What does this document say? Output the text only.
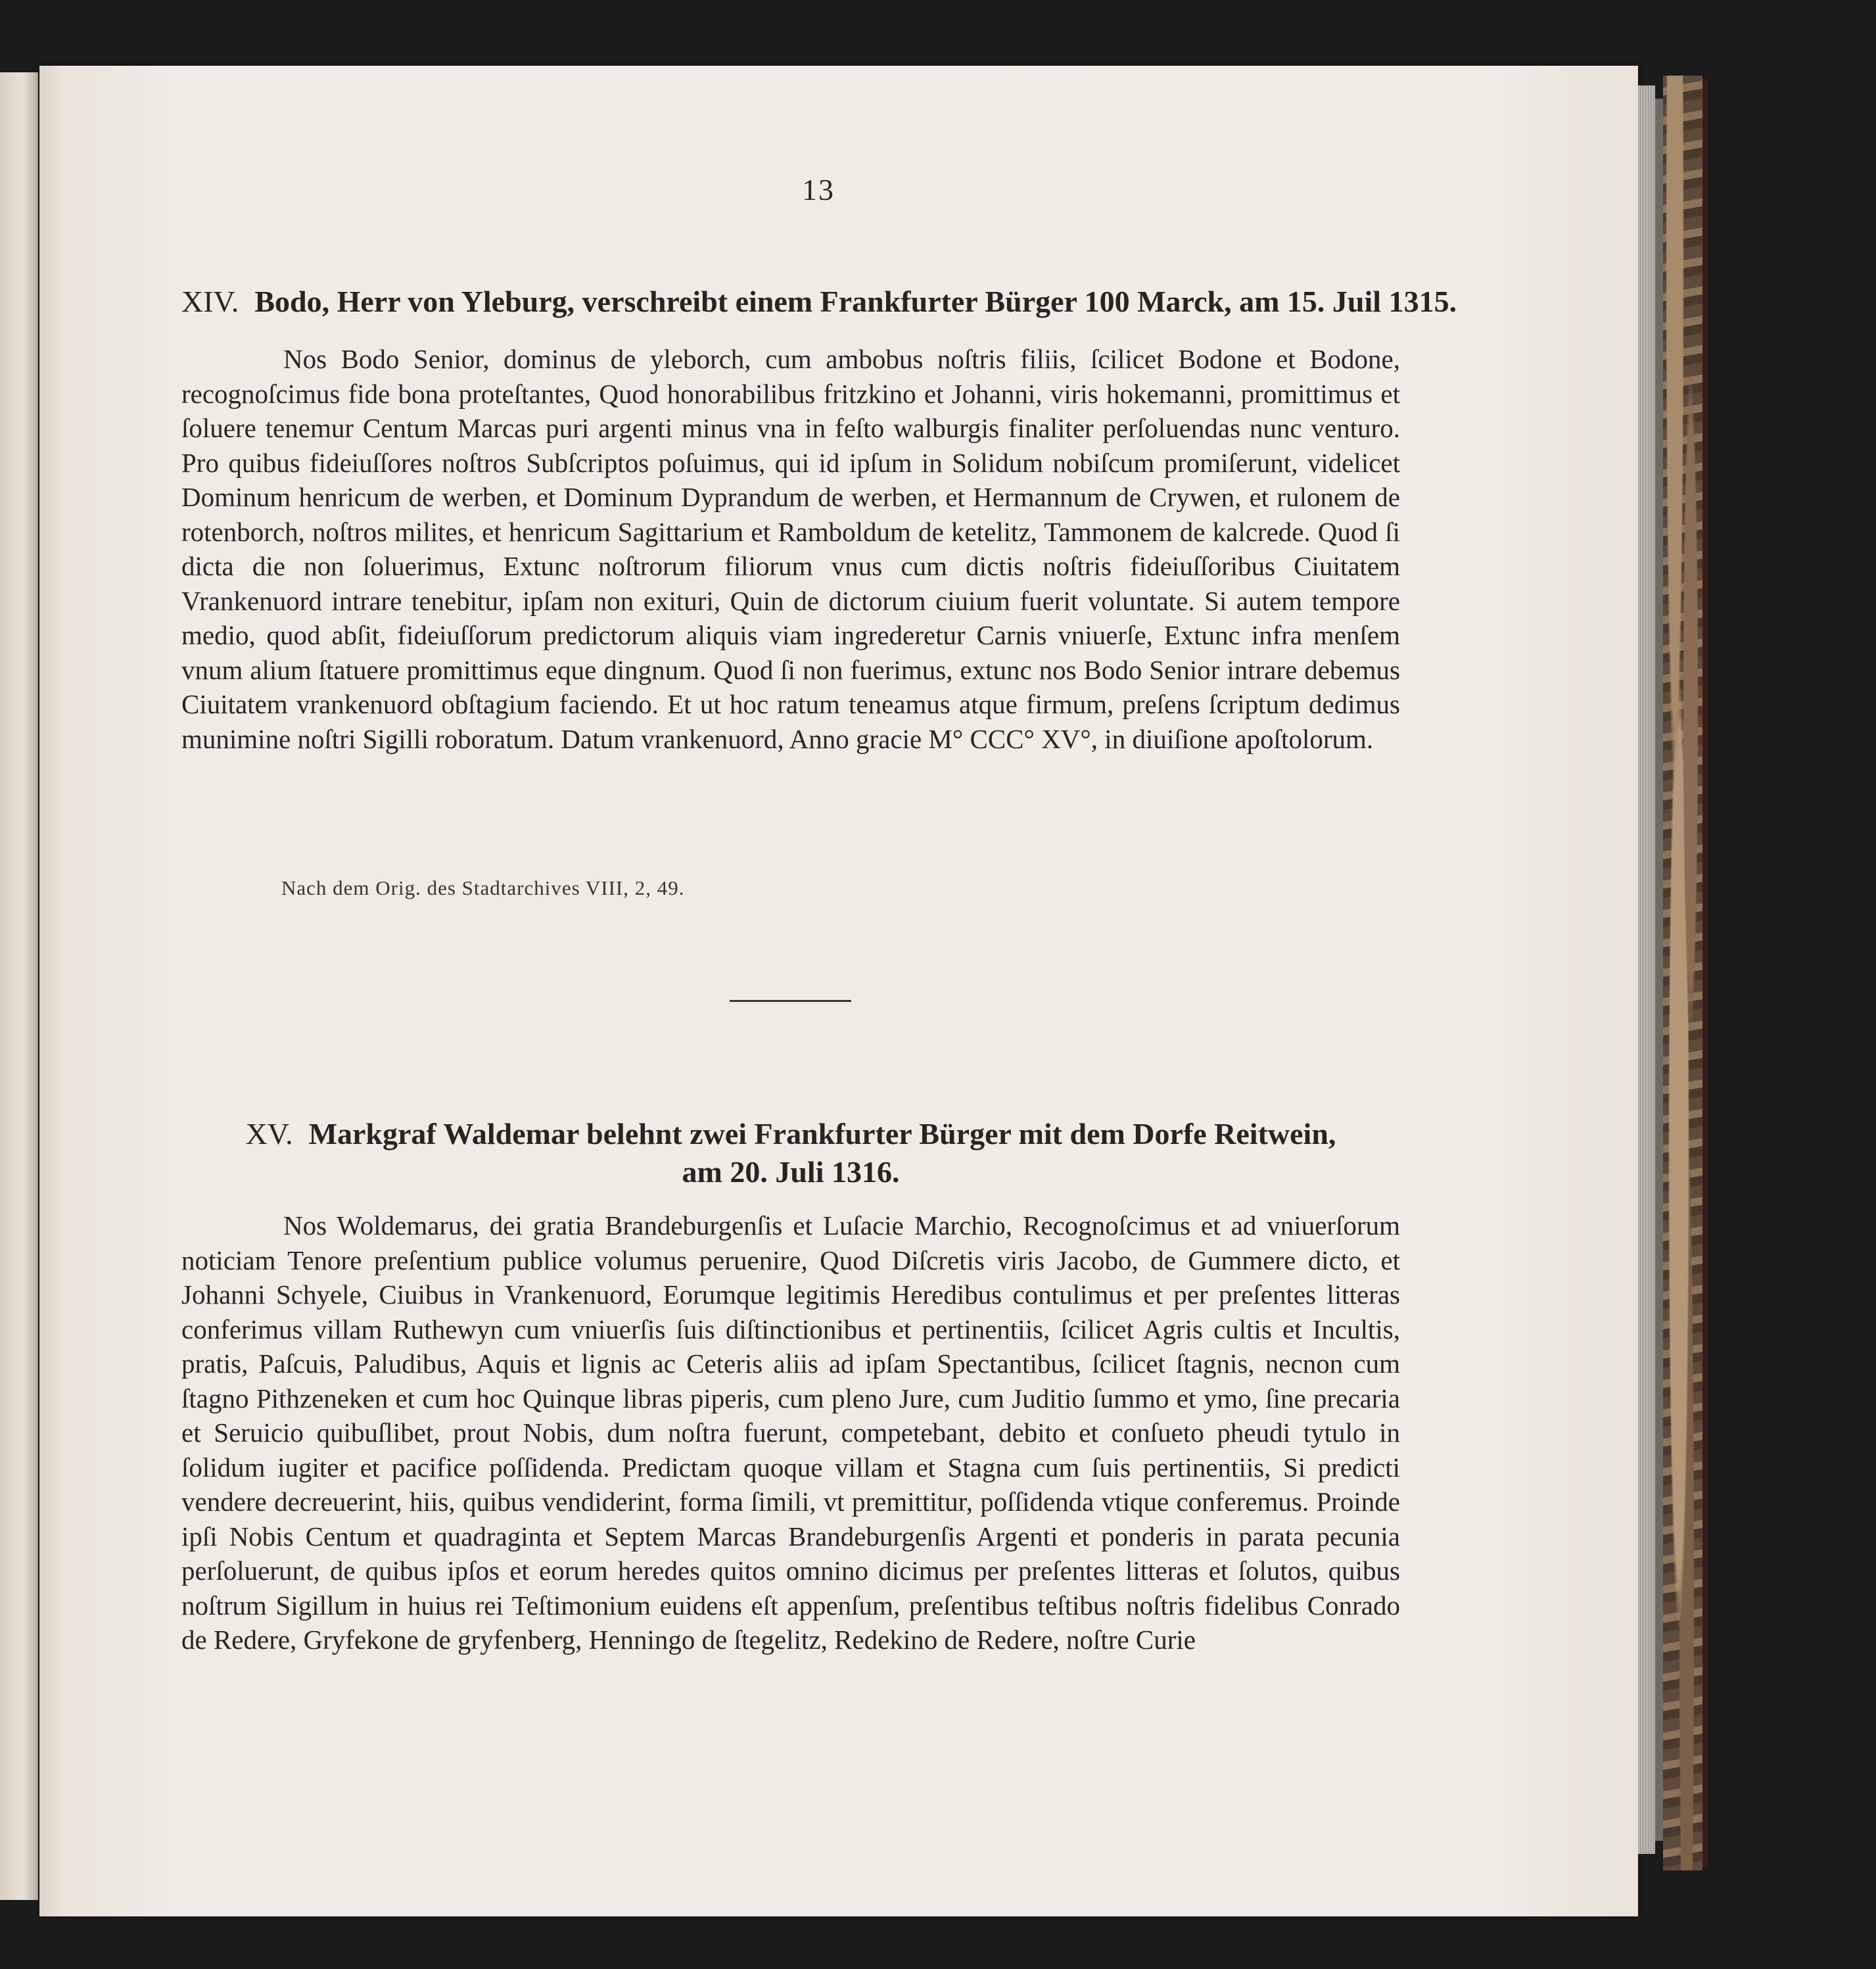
13
XIV. Bodo, Herr von Yleburg, verschreibt einem Frankfurter Bürger 100 Marck, am 15. Juil 1315.
Nos Bodo Senior, dominus de yleborch, cum ambobus noſtris filiis, ſcilicet Bodone et Bodone, recognoſcimus fide bona proteſtantes, Quod honorabilibus fritzkino et Johanni, viris hokemanni, promittimus et ſoluere tenemur Centum Marcas puri argenti minus vna in feſto walburgis finaliter perſoluendas nunc venturo. Pro quibus fideiuſſores noſtros Subſcriptos poſuimus, qui id ipſum in Solidum nobiſcum promiſerunt, videlicet Dominum henricum de werben, et Dominum Dyprandum de werben, et Hermannum de Crywen, et rulonem de rotenborch, noſtros milites, et henricum Sagittarium et Ramboldum de ketelitz, Tammonem de kalcrede. Quod ſi dicta die non ſoluerimus, Extunc noſtrorum filiorum vnus cum dictis noſtris fideiuſſoribus Ciuitatem Vrankenuord intrare tenebitur, ipſam non exituri, Quin de dictorum ciuium fuerit voluntate. Si autem tempore medio, quod abſit, fideiuſſorum predictorum aliquis viam ingrederetur Carnis vniuerſe, Extunc infra menſem vnum alium ſtatuere promittimus eque dingnum. Quod ſi non fuerimus, extunc nos Bodo Senior intrare debemus Ciuitatem vrankenuord obſtagium faciendo. Et ut hoc ratum teneamus atque firmum, preſens ſcriptum dedimus munimine noſtri Sigilli roboratum. Datum vrankenuord, Anno gracie M° CCC° XV°, in diuiſione apoſtolorum.
Nach dem Orig. des Stadtarchives VIII, 2, 49.
XV. Markgraf Waldemar belehnt zwei Frankfurter Bürger mit dem Dorfe Reitwein,
am 20. Juli 1316.
Nos Woldemarus, dei gratia Brandeburgenſis et Luſacie Marchio, Recognoſcimus et ad vniuerſorum noticiam Tenore preſentium publice volumus peruenire, Quod Diſcretis viris Jacobo, de Gummere dicto, et Johanni Schyele, Ciuibus in Vrankenuord, Eorumque legitimis Heredibus contulimus et per preſentes litteras conferimus villam Ruthewyn cum vniuerſis ſuis diſtinctionibus et pertinentiis, ſcilicet Agris cultis et Incultis, pratis, Paſcuis, Paludibus, Aquis et lignis ac Ceteris aliis ad ipſam Spectantibus, ſcilicet ſtagnis, necnon cum ſtagno Pithzeneken et cum hoc Quinque libras piperis, cum pleno Jure, cum Juditio ſummo et ymo, ſine precaria et Seruicio quibuſlibet, prout Nobis, dum noſtra fuerunt, competebant, debito et conſueto pheudi tytulo in ſolidum iugiter et pacifice poſſidenda. Predictam quoque villam et Stagna cum ſuis pertinentiis, Si predicti vendere decreuerint, hiis, quibus vendiderint, forma ſimili, vt premittitur, poſſidenda vtique conferemus. Proinde ipſi Nobis Centum et quadraginta et Septem Marcas Brandeburgenſis Argenti et ponderis in parata pecunia perſoluerunt, de quibus ipſos et eorum heredes quitos omnino dicimus per preſentes litteras et ſolutos, quibus noſtrum Sigillum in huius rei Teſtimonium euidens eſt appenſum, preſentibus teſtibus noſtris fidelibus Conrado de Redere, Gryfekone de gryfenberg, Henningo de ſtegelitz, Redekino de Redere, noſtre Curie
